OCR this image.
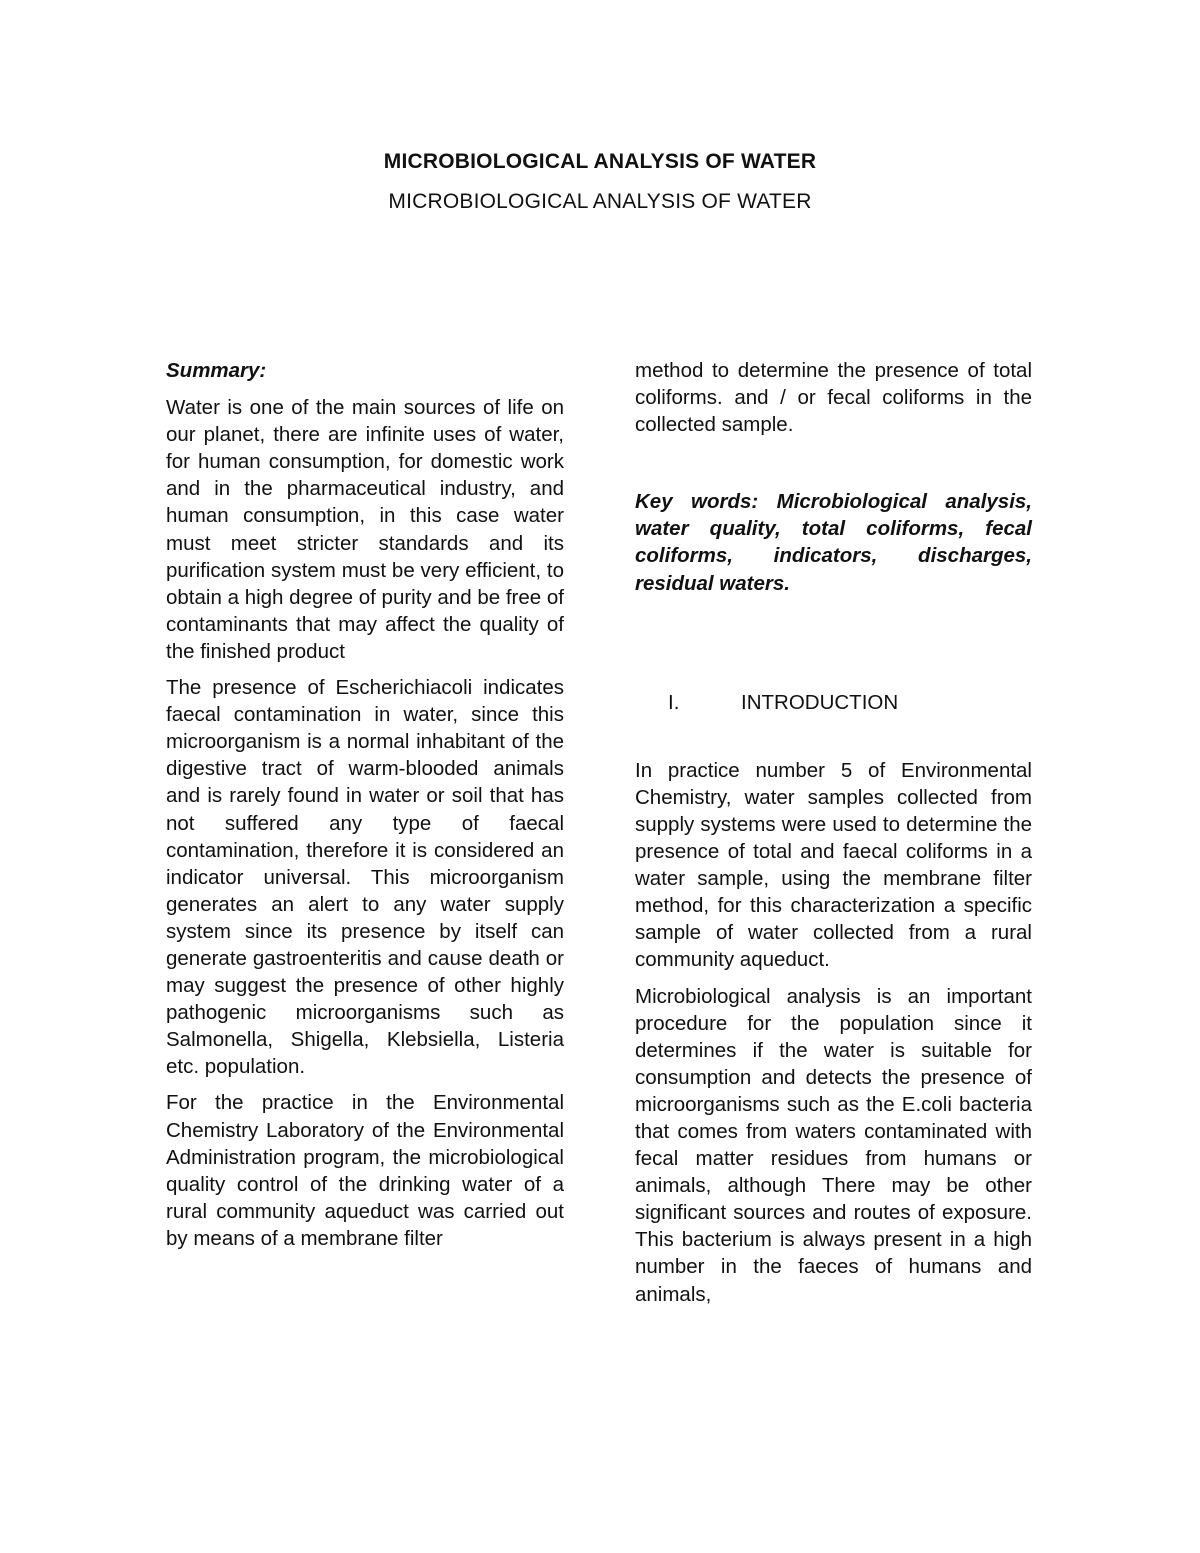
MICROBIOLOGICAL ANALYSIS OF WATER
MICROBIOLOGICAL ANALYSIS OF WATER

Summary:

Water is one of the main sources of life on our planet, there are infinite uses of water, for human consumption, for domestic work and in the pharmaceutical industry, and human consumption, in this case water must meet stricter standards and its purification system must be very efficient, to obtain a high degree of purity and be free of contaminants that may affect the quality of the finished product

The presence of Escherichiacoli indicates faecal contamination in water, since this microorganism is a normal inhabitant of the digestive tract of warm-blooded animals and is rarely found in water or soil that has not suffered any type of faecal contamination, therefore it is considered an indicator universal. This microorganism generates an alert to any water supply system since its presence by itself can generate gastroenteritis and cause death or may suggest the presence of other highly pathogenic microorganisms such as Salmonella, Shigella, Klebsiella, Listeria etc. population.

For the practice in the Environmental Chemistry Laboratory of the Environmental Administration program, the microbiological quality control of the drinking water of a rural community aqueduct was carried out by means of a membrane filter

method to determine the presence of total coliforms. and / or fecal coliforms in the collected sample.

Key words: Microbiological analysis, water quality, total coliforms, fecal coliforms, indicators, discharges, residual waters.

I.	INTRODUCTION

In practice number 5 of Environmental Chemistry, water samples collected from supply systems were used to determine the presence of total and faecal coliforms in a water sample, using the membrane filter method, for this characterization a specific sample of water collected from a rural community aqueduct.

Microbiological analysis is an important procedure for the population since it determines if the water is suitable for consumption and detects the presence of microorganisms such as the E.coli bacteria that comes from waters contaminated with fecal matter residues from humans or animals, although There may be other significant sources and routes of exposure. This bacterium is always present in a high number in the faeces of humans and animals,
